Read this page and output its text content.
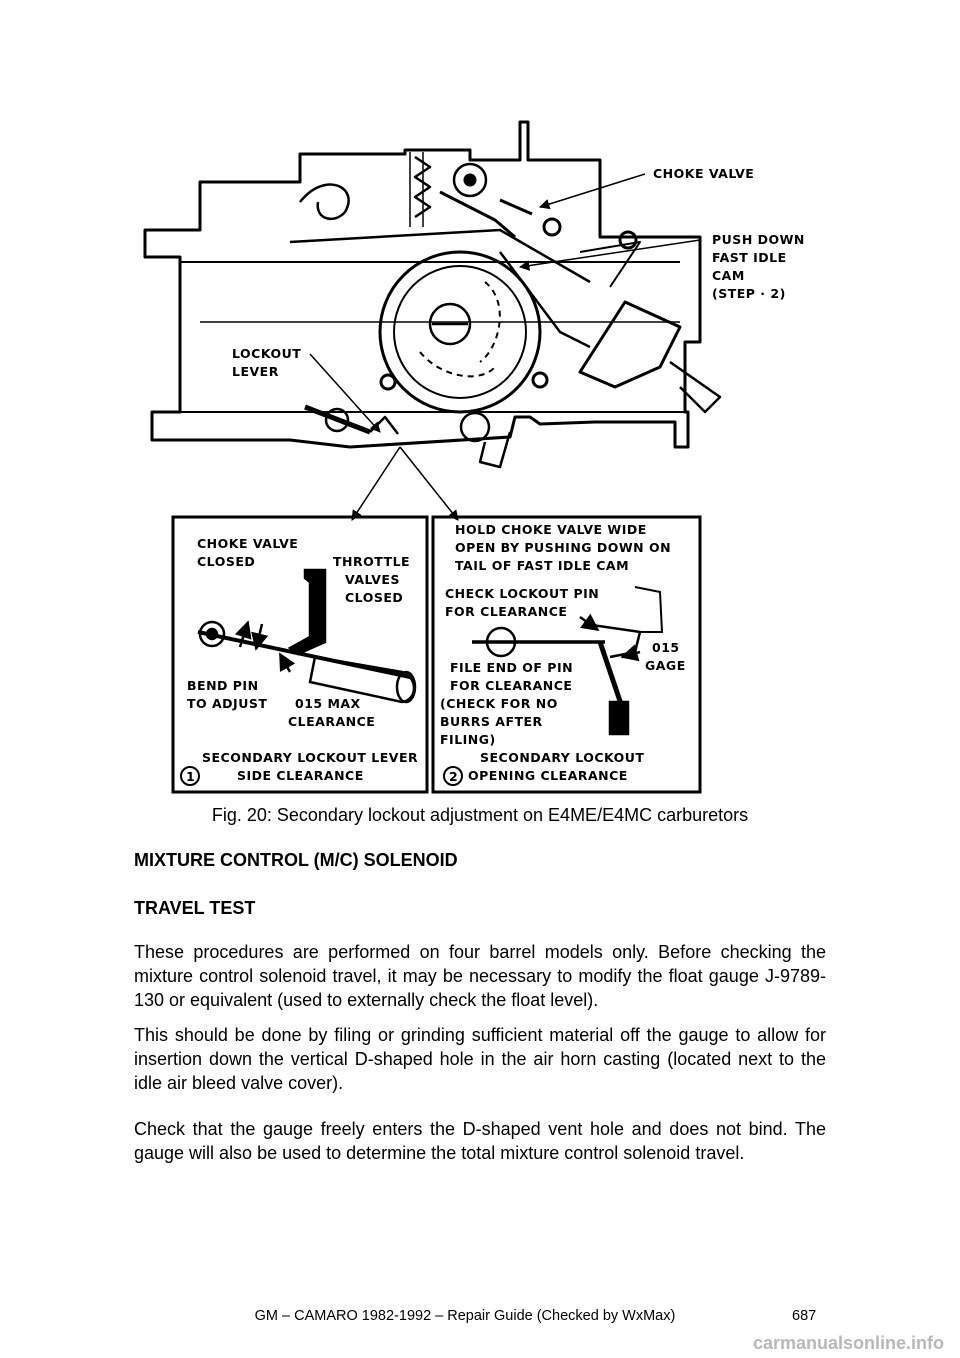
CHOKE VALVE
PUSH DOWN
FAST IDLE
CAM
(STEP · 2)
LOCKOUT
LEVER
CHOKE VALVE
CLOSED	THROTTLE
VALVES
CLOSED
BEND PIN
TO ADJUST 015 MAX
CLEARANCE
SECONDARY LOCKOUT LEVER
SIDE CLEARANCE
1
HOLD CHOKE VALVE WIDE
OPEN BY PUSHING DOWN ON
TAIL OF FAST IDLE CAM
CHECK LOCKOUT PIN
FOR CLEARANCE
015
GAGE
FILE END OF PIN
FOR CLEARANCE
(CHECK FOR NO
BURRS AFTER
FILING)
SECONDARY LOCKOUT
OPENING CLEARANCE
2
Fig. 20: Secondary lockout adjustment on E4ME/E4MC carburetors
MIXTURE CONTROL (M/C) SOLENOID
TRAVEL TEST
These procedures are performed on four barrel models only. Before checking the mixture control solenoid travel, it may be necessary to modify the float gauge J-9789-130 or equivalent (used to externally check the float level).
This should be done by filing or grinding sufficient material off the gauge to allow for insertion down the vertical D-shaped hole in the air horn casting (located next to the idle air bleed valve cover).
Check that the gauge freely enters the D-shaped vent hole and does not bind. The gauge will also be used to determine the total mixture control solenoid travel.
GM – CAMARO 1982-1992 – Repair Guide (Checked by WxMax)	687
carmanualsonline.info
